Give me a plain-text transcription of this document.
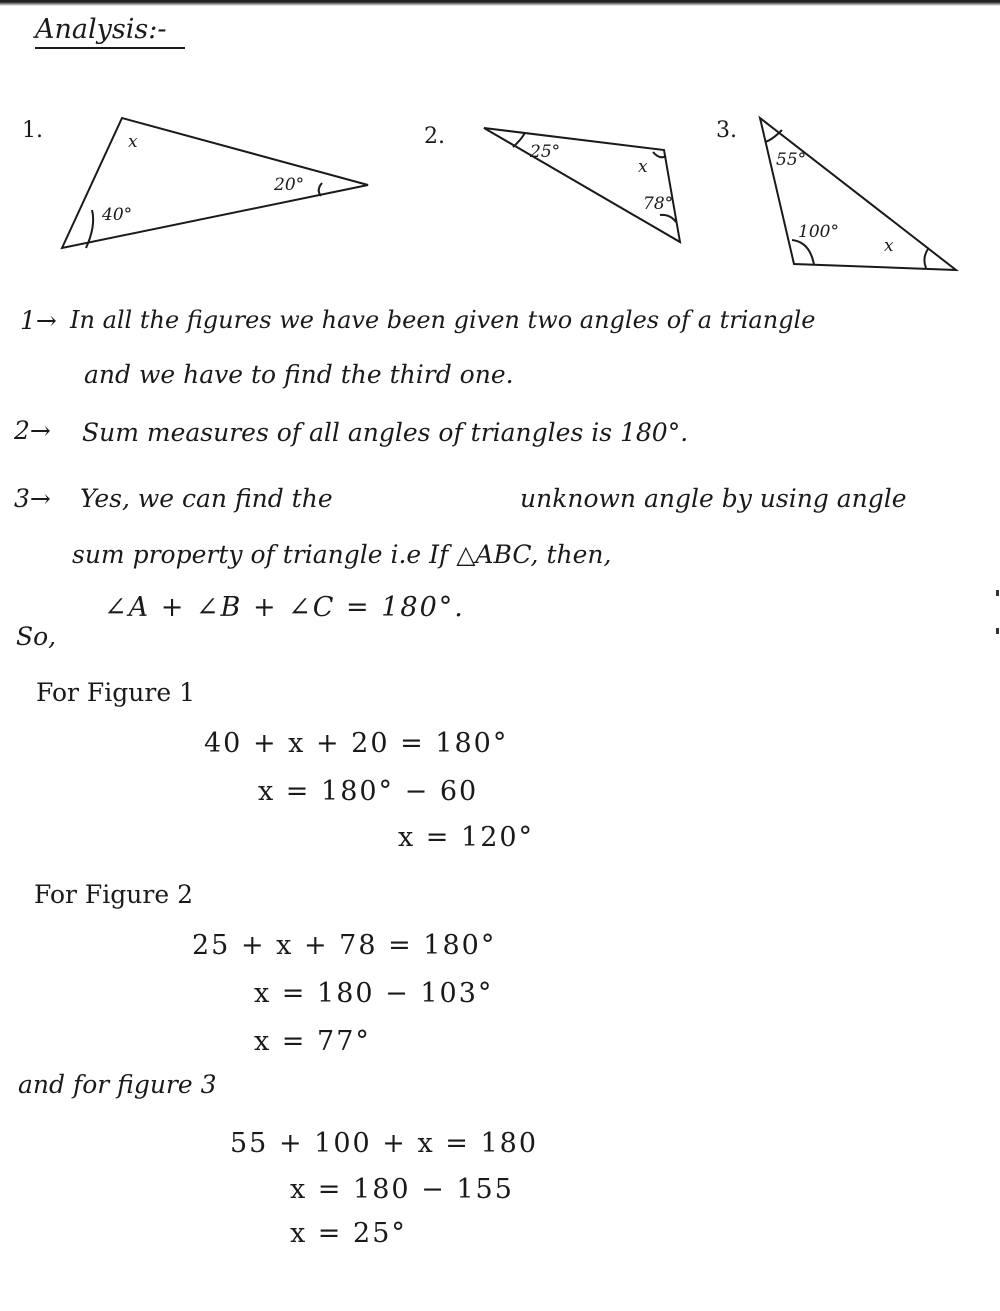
Analysis:-
1.	x
20°
40°
2.
25°
x
78°
3.
55°
100°
x
1→ In all the figures we have been given two angles of a triangle
and we have to find the third one.
2→ Sum measures of all angles of triangles is 180°.
3→ Yes, we can find the	unknown angle by using angle
sum property of triangle i.e If △ABC, then,
∠A + ∠B + ∠C = 180°.
So,
For Figure 1
40 + x + 20 = 180°
x = 180° − 60
x = 120°
For Figure 2
25 + x + 78 = 180°
x = 180 − 103°
x = 77°
and for figure 3
55 + 100 + x = 180
x = 180 − 155
x = 25°
